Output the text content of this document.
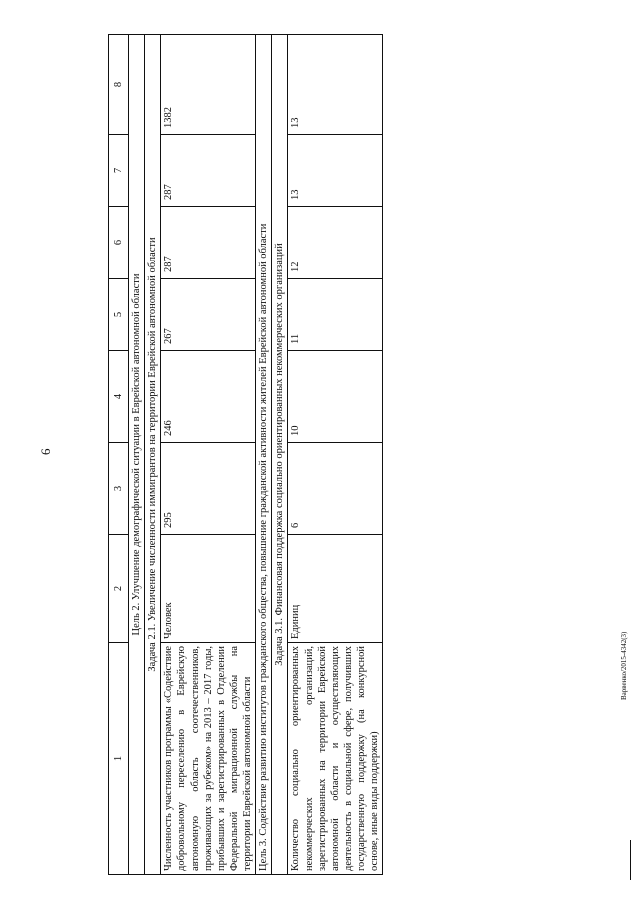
6
1	2	3	4	5	6	7	8
Цель 2. Улучшение демографической ситуации в Еврейской автономной области							
Задача 2.1. Увеличение численности иммигрантов на территории Еврейской автономной области							
Численность участников программы «Содействие добровольному переселению в Еврейскую автономную область соотечественников, проживающих за рубежом» на 2013 – 2017 годы, прибывших и зарегистрированных в Отделении Федеральной миграционной службы на территории Еврейской автономной области	Человек	295	246	267	287	287	1382
Цель 3. Содействие развитию институтов гражданского общества, повышение гражданской активности жителей Еврейской автономной области							
Задача 3.1. Финансовая поддержка социально ориентированных некоммерческих организаций							
Количество социально ориентированных некоммерческих организаций, зарегистрированных на территории Еврейской автономной области и осуществляющих деятельность в социальной сфере, получивших государственную поддержку (на конкурсной основе, иные виды поддержки)	Единиц	6	10	11	12	13	13
Варвенко/2015-4342(3)
